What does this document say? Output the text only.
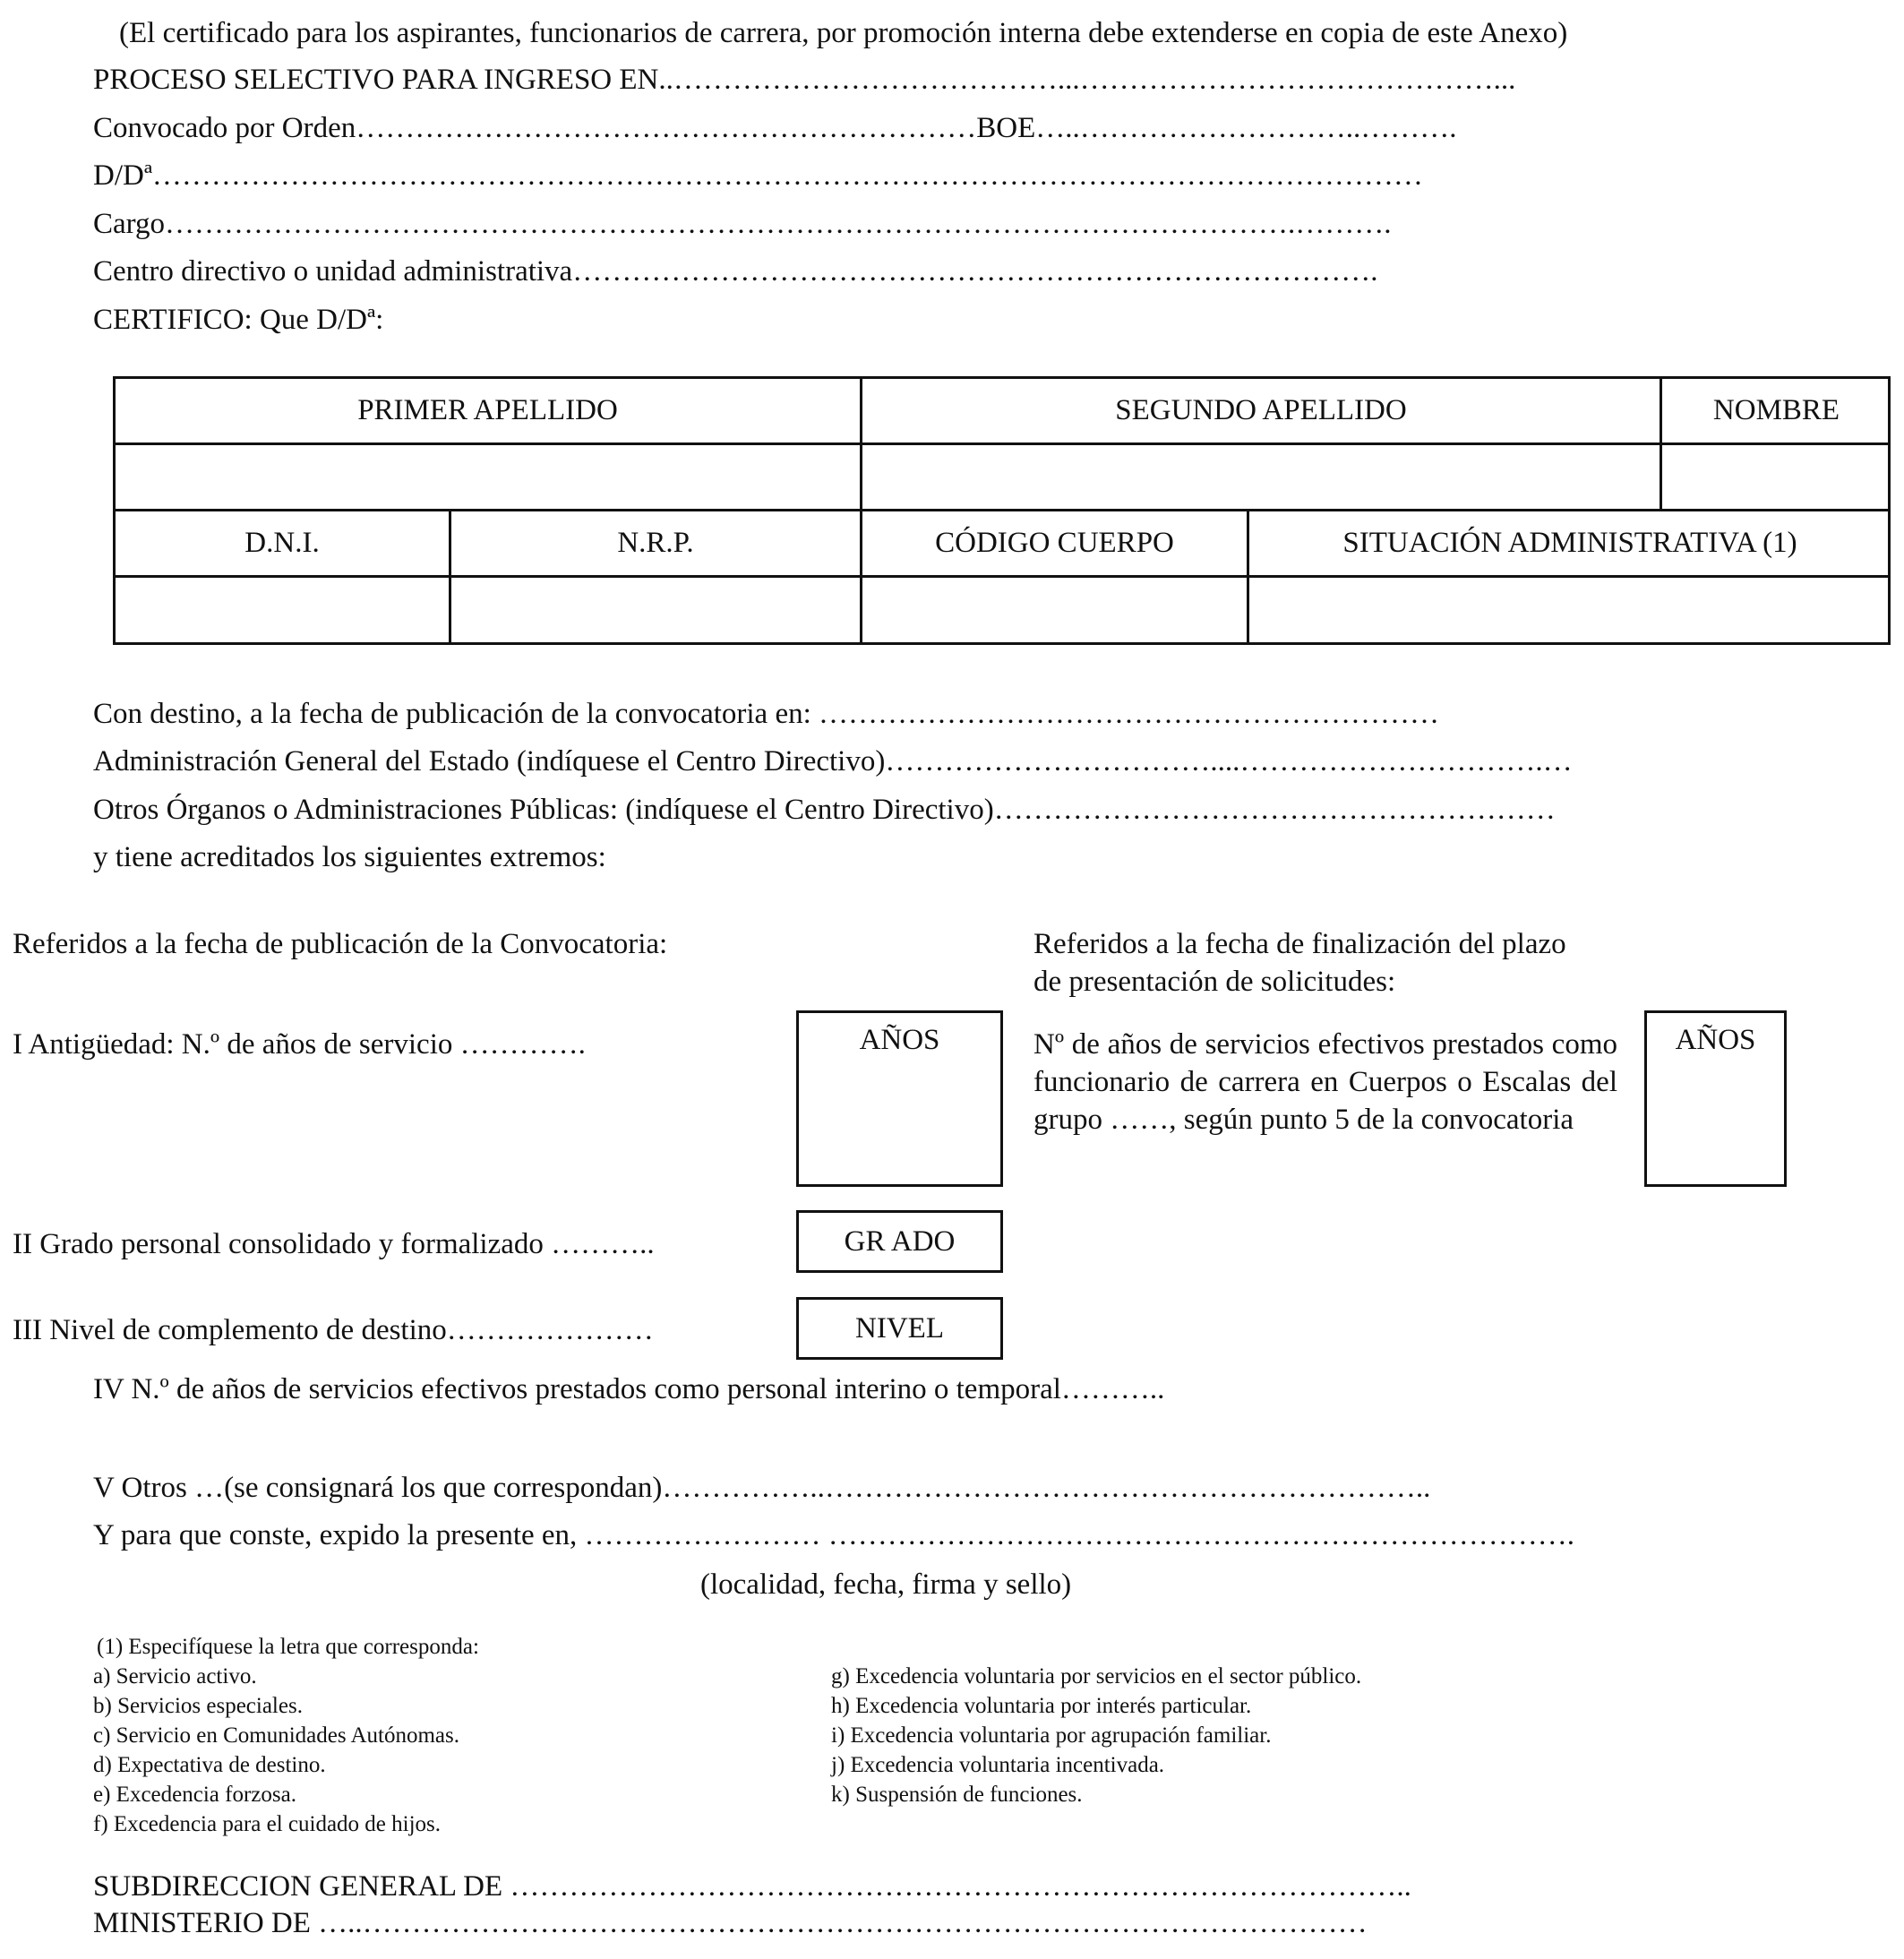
(El certificado para los aspirantes, funcionarios de carrera, por promoción interna debe extenderse en copia de este Anexo)
PROCESO SELECTIVO PARA INGRESO EN..…………………………………...……………………………………...
Convocado por Orden………………………………………………………BOE…..………………………..……….
D/Dª…………………………………………………………………………………………………………………
Cargo…………………………………………………………………………………………………….……….
Centro directivo o unidad administrativa……………………………………………………………………….
CERTIFICO: Que D/Dª:
PRIMER APELLIDO	SEGUNDO APELLIDO	NOMBRE
D.N.I.	N.R.P.	CÓDIGO CUERPO	SITUACIÓN ADMINISTRATIVA (1)
Con destino, a la fecha de publicación de la convocatoria en: ………………………………………………………
Administración General del Estado (indíquese el Centro Directivo)……………………………....………………………….…
Otros Órganos o Administraciones Públicas: (indíquese el Centro Directivo)…………………………………………………
y tiene acreditados los siguientes extremos:
Referidos a la fecha de publicación de la Convocatoria:
I Antigüedad: N.º de años de servicio ………….	AÑOS
II Grado personal consolidado y formalizado ………..	GR ADO
III Nivel de complemento de destino…………………	NIVEL
Referidos a la fecha de finalización del plazo
de presentación de solicitudes:
Nº de años de servicios efectivos prestados como funcionario de carrera en Cuerpos o Escalas del grupo ……, según punto 5 de la convocatoria
AÑOS
IV N.º de años de servicios efectivos prestados como personal interino o temporal………..
V Otros …(se consignará los que correspondan)……………..……………………………………………………..
Y para que conste, expido la presente en, …………………… ………………………………………………………………….
(localidad, fecha, firma y sello)
(1) Especifíquese la letra que corresponda:
a) Servicio activo.
b) Servicios especiales.
c) Servicio en Comunidades Autónomas.
d) Expectativa de destino.
e) Excedencia forzosa.
f) Excedencia para el cuidado de hijos.
g) Excedencia voluntaria por servicios en el sector público.
h) Excedencia voluntaria por interés particular.
i) Excedencia voluntaria por agrupación familiar.
j) Excedencia voluntaria incentivada.
k) Suspensión de funciones.
SUBDIRECCION GENERAL DE ………………………………………………………………………………..
MINISTERIO DE …..…………………………………………………………………………………………
